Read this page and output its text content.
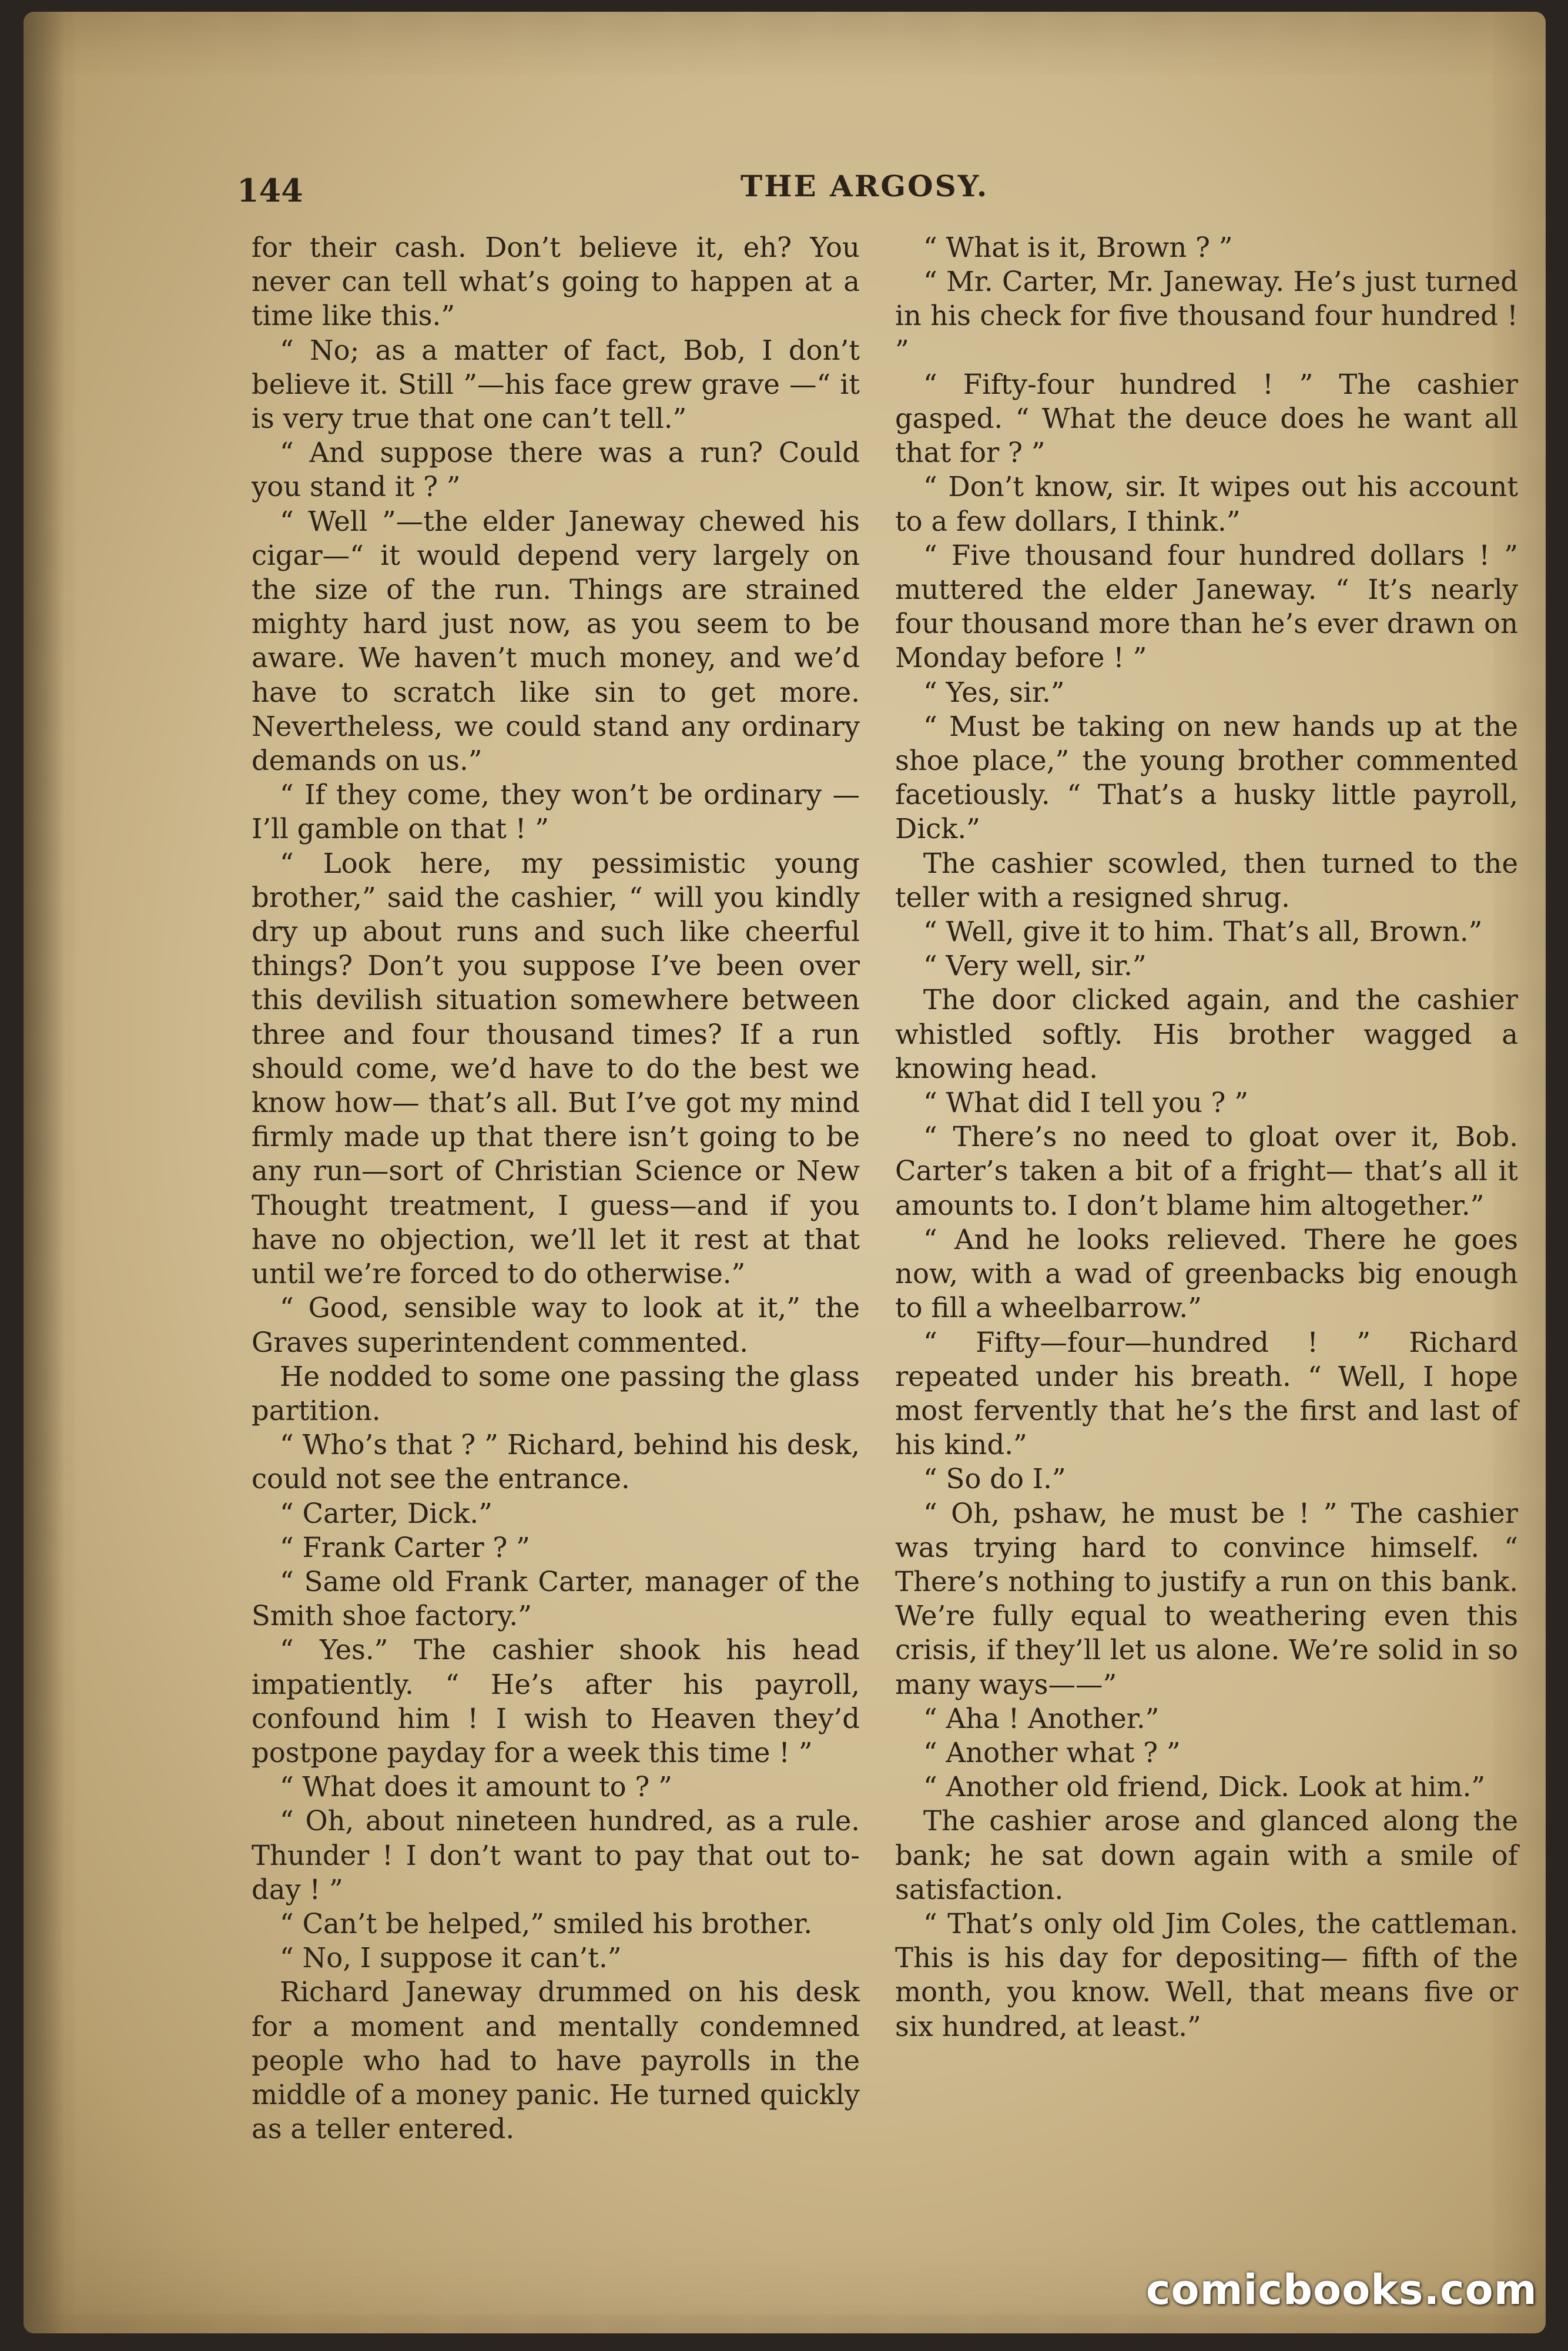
144	THE ARGOSY.

for their cash. Don’t believe it, eh? You never can tell what’s going to happen at a time like this.”

“ No; as a matter of fact, Bob, I don’t believe it. Still ”—his face grew grave —“ it is very true that one can’t tell.”

“ And suppose there was a run? Could you stand it ? ”

“ Well ”—the elder Janeway chewed his cigar—“ it would depend very largely on the size of the run. Things are strained mighty hard just now, as you seem to be aware. We haven’t much money, and we’d have to scratch like sin to get more. Nevertheless, we could stand any ordinary demands on us.”

“ If they come, they won’t be ordinary —I’ll gamble on that ! ”

“ Look here, my pessimistic young brother,” said the cashier, “ will you kindly dry up about runs and such like cheerful things? Don’t you suppose I’ve been over this devilish situation somewhere between three and four thousand times? If a run should come, we’d have to do the best we know how— that’s all. But I’ve got my mind firmly made up that there isn’t going to be any run—sort of Christian Science or New Thought treatment, I guess—and if you have no objection, we’ll let it rest at that until we’re forced to do otherwise.”

“ Good, sensible way to look at it,” the Graves superintendent commented.

He nodded to some one passing the glass partition.

“ Who’s that ? ” Richard, behind his desk, could not see the entrance.

“ Carter, Dick.”

“ Frank Carter ? ”

“ Same old Frank Carter, manager of the Smith shoe factory.”

“ Yes.” The cashier shook his head impatiently. “ He’s after his payroll, confound him ! I wish to Heaven they’d postpone payday for a week this time ! ”

“ What does it amount to ? ”

“ Oh, about nineteen hundred, as a rule. Thunder ! I don’t want to pay that out to-day ! ”

“ Can’t be helped,” smiled his brother.

“ No, I suppose it can’t.”

Richard Janeway drummed on his desk for a moment and mentally condemned people who had to have payrolls in the middle of a money panic. He turned quickly as a teller entered.

“ What is it, Brown ? ”

“ Mr. Carter, Mr. Janeway. He’s just turned in his check for five thousand four hundred ! ”

“ Fifty-four hundred ! ” The cashier gasped. “ What the deuce does he want all that for ? ”

“ Don’t know, sir. It wipes out his account to a few dollars, I think.”

“ Five thousand four hundred dollars ! ” muttered the elder Janeway. “ It’s nearly four thousand more than he’s ever drawn on Monday before ! ”

“ Yes, sir.”

“ Must be taking on new hands up at the shoe place,” the young brother commented facetiously. “ That’s a husky little payroll, Dick.”

The cashier scowled, then turned to the teller with a resigned shrug.

“ Well, give it to him. That’s all, Brown.”

“ Very well, sir.”

The door clicked again, and the cashier whistled softly. His brother wagged a knowing head.

“ What did I tell you ? ”

“ There’s no need to gloat over it, Bob. Carter’s taken a bit of a fright— that’s all it amounts to. I don’t blame him altogether.”

“ And he looks relieved. There he goes now, with a wad of greenbacks big enough to fill a wheelbarrow.”

“ Fifty—four—hundred ! ” Richard repeated under his breath. “ Well, I hope most fervently that he’s the first and last of his kind.”

“ So do I.”

“ Oh, pshaw, he must be ! ” The cashier was trying hard to convince himself. “ There’s nothing to justify a run on this bank. We’re fully equal to weathering even this crisis, if they’ll let us alone. We’re solid in so many ways——”

“ Aha ! Another.”

“ Another what ? ”

“ Another old friend, Dick. Look at him.”

The cashier arose and glanced along the bank; he sat down again with a smile of satisfaction.

“ That’s only old Jim Coles, the cattleman. This is his day for depositing— fifth of the month, you know. Well, that means five or six hundred, at least.”

comicbooks.com
